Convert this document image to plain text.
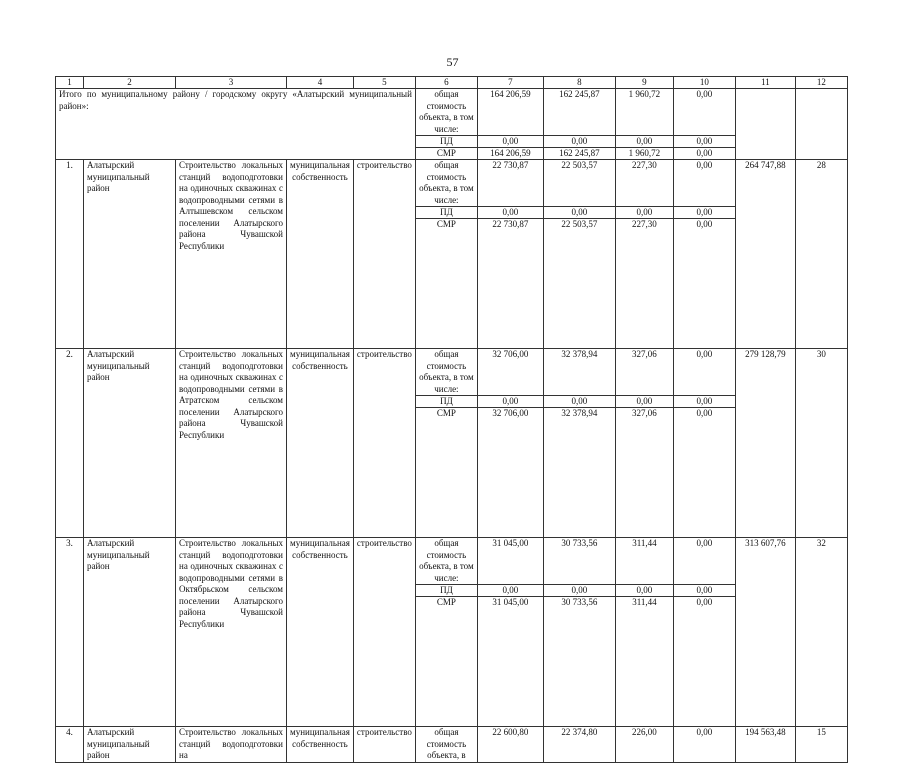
57
1	2	3	4	5	6	7	8	9	10	11	12
Итого по муниципальному району / городскому округу «Алатырский муниципальный район»:					общая стоимость объекта, в том числе:	164 206,59	162 245,87	1 960,72	0,00		
					ПД	0,00	0,00	0,00	0,00		
					СМР	164 206,59	162 245,87	1 960,72	0,00		
1.	Алатырский муниципальный район	Строительство локальных станций водоподготовки на одиночных скважинах с водопроводными сетями в Алтышевском сельском поселении Алатырского района Чувашской Республики	муниципальная собственность	строительство	общая стоимость объекта, в том числе:	22 730,87	22 503,57	227,30	0,00	264 747,88	28
					ПД	0,00	0,00	0,00	0,00		
					СМР	22 730,87	22 503,57	227,30	0,00		

2.	Алатырский муниципальный район	Строительство локальных станций водоподготовки на одиночных скважинах с водопроводными сетями в Атратском сельском поселении Алатырского района Чувашской Республики	муниципальная собственность	строительство	общая стоимость объекта, в том числе:	32 706,00	32 378,94	327,06	0,00	279 128,79	30
					ПД	0,00	0,00	0,00	0,00		
					СМР	32 706,00	32 378,94	327,06	0,00		

3.	Алатырский муниципальный район	Строительство локальных станций водоподготовки на одиночных скважинах с водопроводными сетями в Октябрьском сельском поселении Алатырского района Чувашской Республики	муниципальная собственность	строительство	общая стоимость объекта, в том числе:	31 045,00	30 733,56	311,44	0,00	313 607,76	32
					ПД	0,00	0,00	0,00	0,00		
					СМР	31 045,00	30 733,56	311,44	0,00		

4.	Алатырский муниципальный район	Строительство локальных станций водоподготовки на	муниципальная собственность	строительство	общая стоимость объекта, в	22 600,80	22 374,80	226,00	0,00	194 563,48	15
